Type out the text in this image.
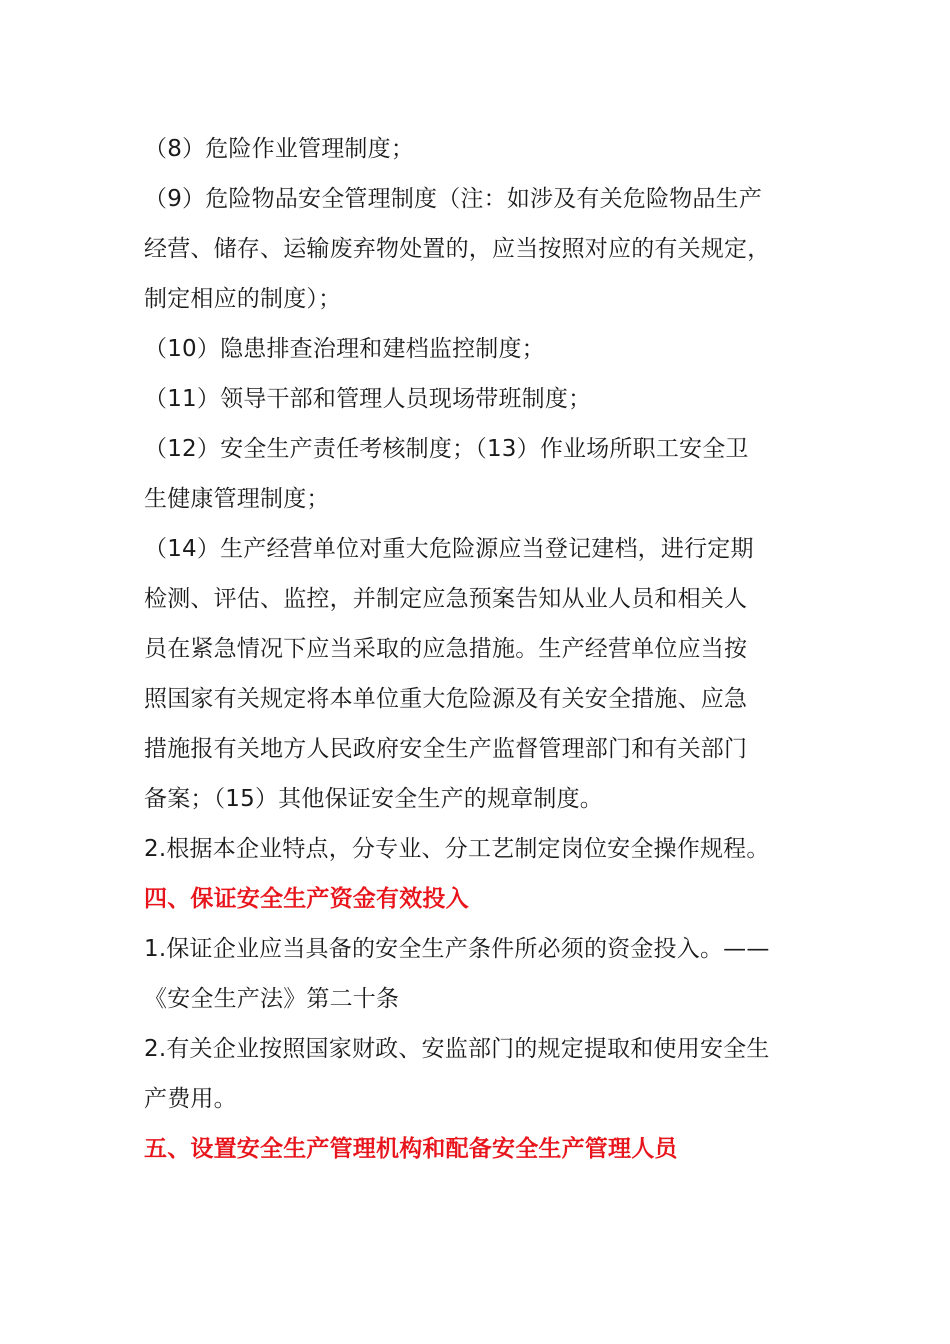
（8）危险作业管理制度；
（9）危险物品安全管理制度（注：如涉及有关危险物品生产
经营、储存、运输废弃物处置的，应当按照对应的有关规定，
制定相应的制度）；
（10）隐患排查治理和建档监控制度；
（11）领导干部和管理人员现场带班制度；
（12）安全生产责任考核制度；（13）作业场所职工安全卫
生健康管理制度；
（14）生产经营单位对重大危险源应当登记建档，进行定期
检测、评估、监控，并制定应急预案告知从业人员和相关人
员在紧急情况下应当采取的应急措施。生产经营单位应当按
照国家有关规定将本单位重大危险源及有关安全措施、应急
措施报有关地方人民政府安全生产监督管理部门和有关部门
备案；（15）其他保证安全生产的规章制度。
2.根据本企业特点，分专业、分工艺制定岗位安全操作规程。
四、保证安全生产资金有效投入
1.保证企业应当具备的安全生产条件所必须的资金投入。——
《安全生产法》第二十条
2.有关企业按照国家财政、安监部门的规定提取和使用安全生
产费用。
五、设置安全生产管理机构和配备安全生产管理人员
